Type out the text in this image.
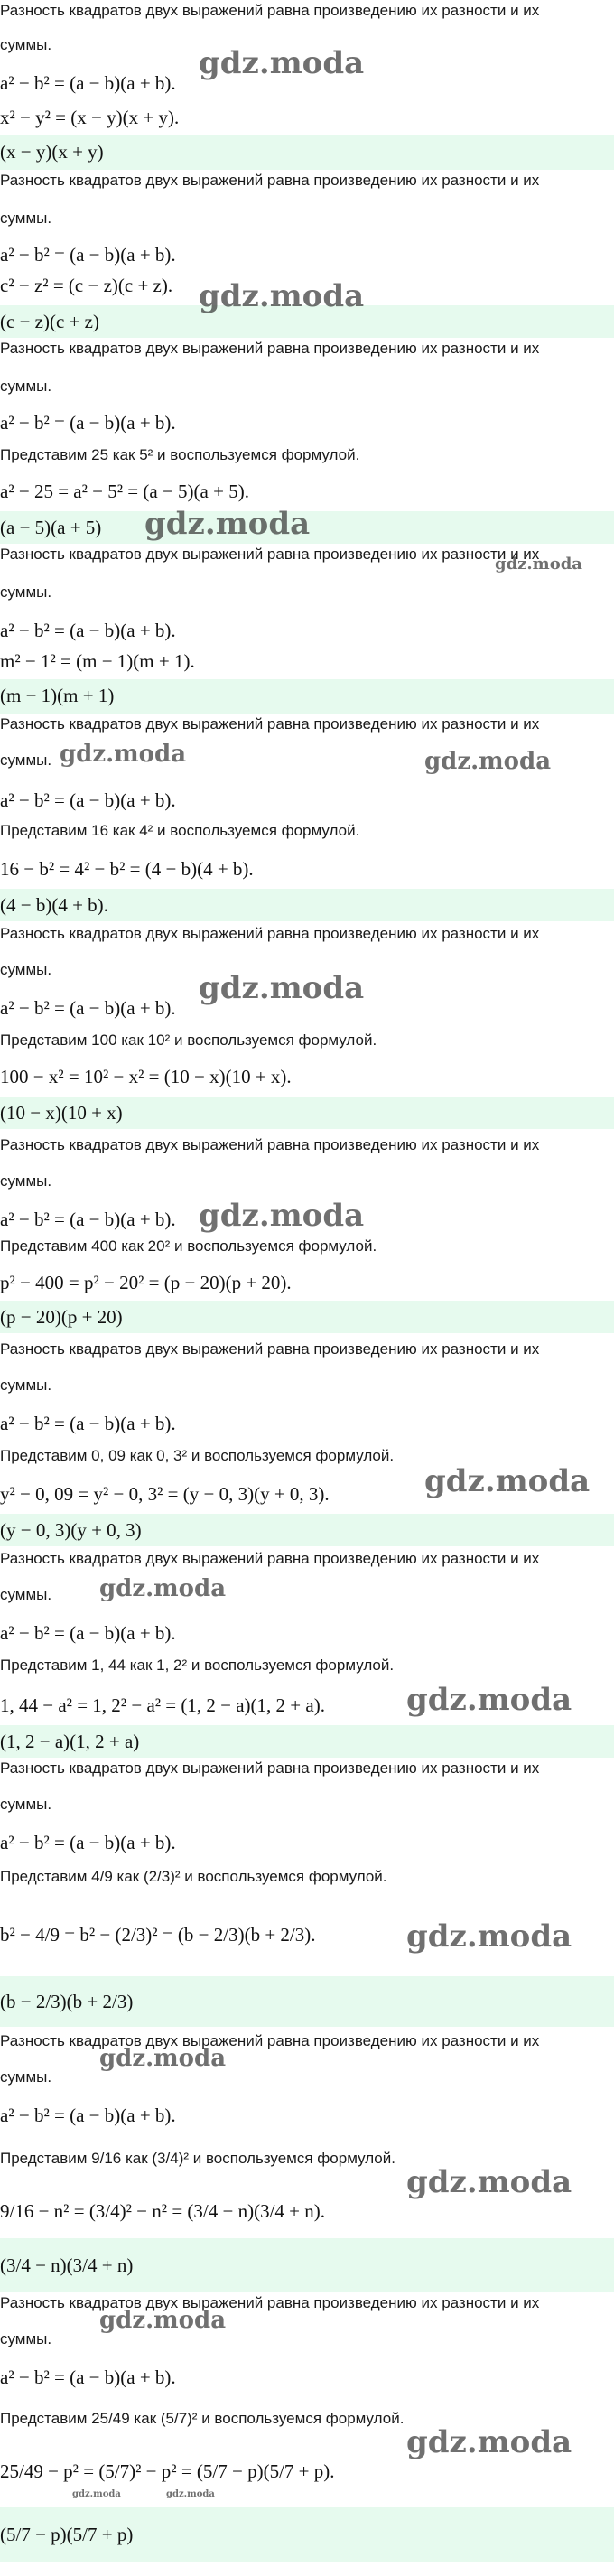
Разность квадратов двух выражений равна произведению их разности и их
суммы.
a² − b² = (a − b)(a + b).
x² − y² = (x − y)(x + y).
(x − y)(x + y)
Разность квадратов двух выражений равна произведению их разности и их
суммы.
a² − b² = (a − b)(a + b).
c² − z² = (c − z)(c + z).
(c − z)(c + z)
Разность квадратов двух выражений равна произведению их разности и их
суммы.
a² − b² = (a − b)(a + b).
Представим 25 как 5² и воспользуемся формулой.
a² − 25 = a² − 5² = (a − 5)(a + 5).
(a − 5)(a + 5)
Разность квадратов двух выражений равна произведению их разности и их
суммы.
a² − b² = (a − b)(a + b).
m² − 1² = (m − 1)(m + 1).
(m − 1)(m + 1)
Разность квадратов двух выражений равна произведению их разности и их
суммы.
a² − b² = (a − b)(a + b).
Представим 16 как 4² и воспользуемся формулой.
16 − b² = 4² − b² = (4 − b)(4 + b).
(4 − b)(4 + b).
Разность квадратов двух выражений равна произведению их разности и их
суммы.
a² − b² = (a − b)(a + b).
Представим 100 как 10² и воспользуемся формулой.
100 − x² = 10² − x² = (10 − x)(10 + x).
(10 − x)(10 + x)
Разность квадратов двух выражений равна произведению их разности и их
суммы.
a² − b² = (a − b)(a + b).
Представим 400 как 20² и воспользуемся формулой.
p² − 400 = p² − 20² = (p − 20)(p + 20).
(p − 20)(p + 20)
Разность квадратов двух выражений равна произведению их разности и их
суммы.
a² − b² = (a − b)(a + b).
Представим 0, 09 как 0, 3² и воспользуемся формулой.
y² − 0, 09 = y² − 0, 3² = (y − 0, 3)(y + 0, 3).
(y − 0, 3)(y + 0, 3)
Разность квадратов двух выражений равна произведению их разности и их
суммы.
a² − b² = (a − b)(a + b).
Представим 1, 44 как 1, 2² и воспользуемся формулой.
1, 44 − a² = 1, 2² − a² = (1, 2 − a)(1, 2 + a).
(1, 2 − a)(1, 2 + a)
Разность квадратов двух выражений равна произведению их разности и их
суммы.
a² − b² = (a − b)(a + b).
Представим 4/9 как (2/3)² и воспользуемся формулой.
b² − 4/9 = b² − (2/3)² = (b − 2/3)(b + 2/3).
(b − 2/3)(b + 2/3)
Разность квадратов двух выражений равна произведению их разности и их
суммы.
a² − b² = (a − b)(a + b).
Представим 9/16 как (3/4)² и воспользуемся формулой.
9/16 − n² = (3/4)² − n² = (3/4 − n)(3/4 + n).
(3/4 − n)(3/4 + n)
Разность квадратов двух выражений равна произведению их разности и их
суммы.
a² − b² = (a − b)(a + b).
Представим 25/49 как (5/7)² и воспользуемся формулой.
25/49 − p² = (5/7)² − p² = (5/7 − p)(5/7 + p).
(5/7 − p)(5/7 + p)
gdz.moda
gdz.moda
gdz.moda
gdz.moda
gdz.moda	gdz.moda
gdz.moda
gdz.moda
gdz.moda
gdz.moda
gdz.moda
gdz.moda
gdz.moda
gdz.moda
gdz.moda
gdz.moda
gdz.moda	gdz.moda
